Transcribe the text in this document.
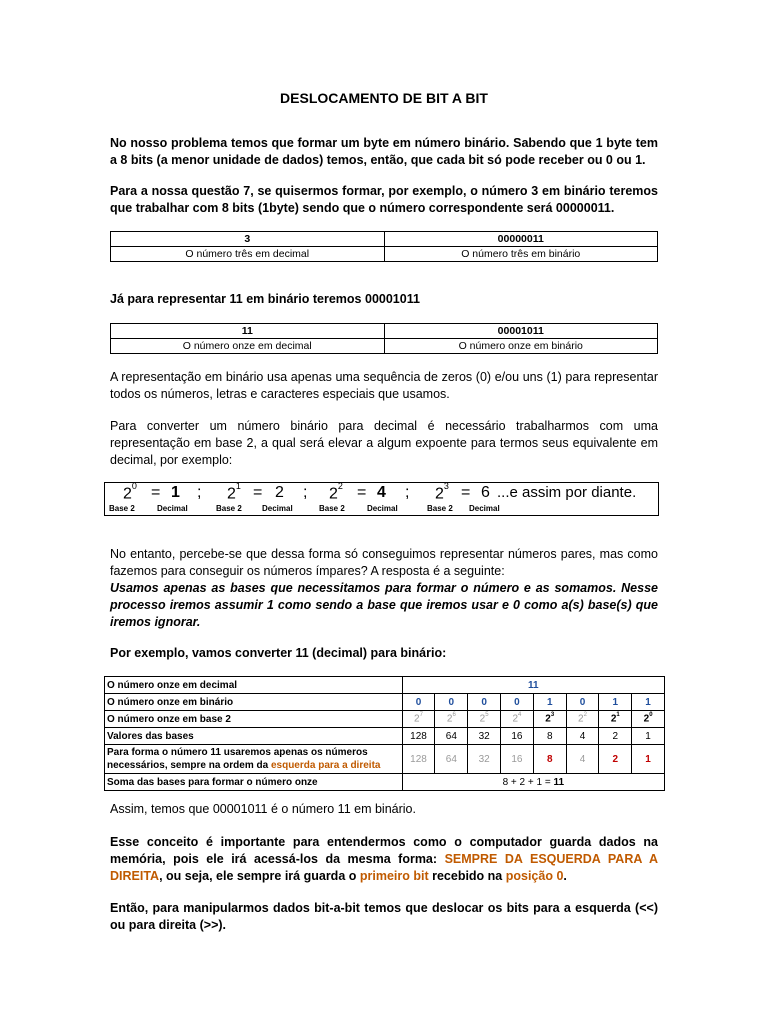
DESLOCAMENTO DE BIT A BIT

No nosso problema temos que formar um byte em número binário. Sabendo que 1 byte tem a 8 bits (a menor unidade de dados) temos, então, que cada bit só pode receber ou 0 ou 1.

Para a nossa questão 7, se quisermos formar, por exemplo, o número 3 em binário teremos que trabalhar com 8 bits (1byte) sendo que o número correspondente será 00000011.

3	00000011
O número três em decimal	O número três em binário

Já para representar 11 em binário teremos 00001011

11	00001011
O número onze em decimal	O número onze em binário

A representação em binário usa apenas uma sequência de zeros (0) e/ou uns (1) para representar todos os números, letras e caracteres especiais que usamos.

Para converter um número binário para decimal é necessário trabalharmos com uma representação em base 2, a qual será elevar a algum expoente para termos seus equivalente em decimal, por exemplo:

$2^0 = 1$ ; $2^1 = 2$ ; $2^2 = 4$ ; $2^3 = 6$ ...e assim por diante.
Base 2	Decimal	Base 2	Decimal	Base 2	Decimal	Base 2 Decimal

No entanto, percebe-se que dessa forma só conseguimos representar números pares, mas como fazemos para conseguir os números ímpares? A resposta é a seguinte:

Usamos apenas as bases que necessitamos para formar o número e as somamos. Nesse processo iremos assumir 1 como sendo a base que iremos usar e 0 como a(s) base(s) que iremos ignorar.

Por exemplo, vamos converter 11 (decimal) para binário:

O número onze em decimal	11							
O número onze em binário	0	0	0	0	1	0	1	1
O número onze em base 2	$2^7$	$2^6$	$2^5$	$2^4$	$2^3$	$2^2$	$2^1$	$2^0$
Valores das bases	128	64	32	16	8	4	2	1
Para forma o número 11 usaremos apenas os números necessários, sempre na ordem da esquerda para a direita	128	64	32	16	8	4	2	1
Soma das bases para formar o número onze	8 + 2 + 1 = 11							

Assim, temos que 00001011 é o número 11 em binário.

Esse conceito é importante para entendermos como o computador guarda dados na memória, pois ele irá acessá-los da mesma forma: SEMPRE DA ESQUERDA PARA A DIREITA, ou seja, ele sempre irá guarda o primeiro bit recebido na posição 0.

Então, para manipularmos dados bit-a-bit temos que deslocar os bits para a esquerda (<<) ou para direita (>>).
